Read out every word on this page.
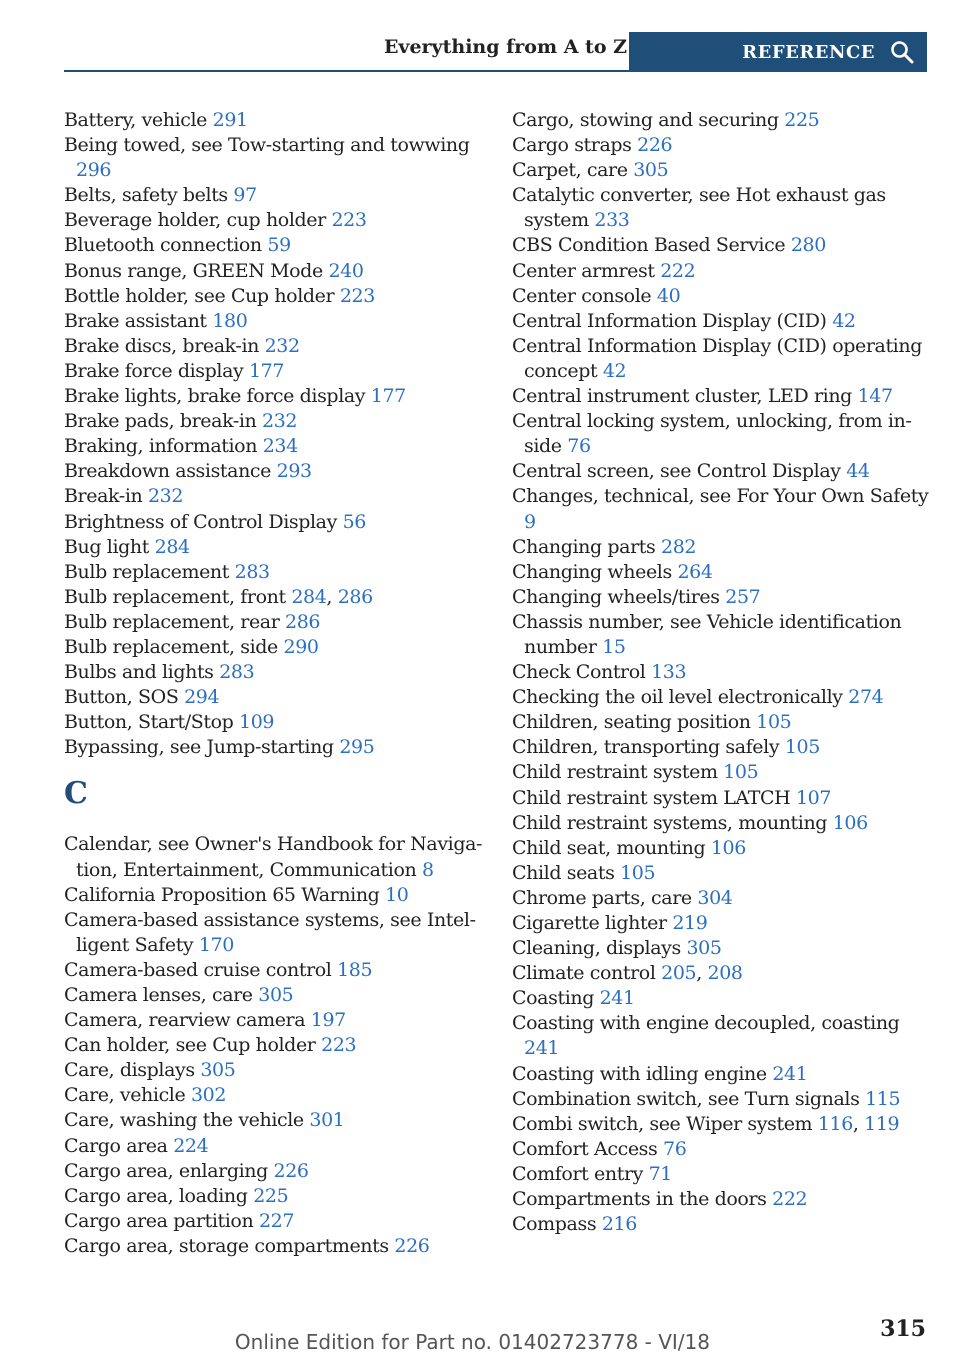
Everything from A to Z	REFERENCE
Battery, vehicle 291
Being towed, see Tow-starting and towwing 296
Belts, safety belts 97
Beverage holder, cup holder 223
Bluetooth connection 59
Bonus range, GREEN Mode 240
Bottle holder, see Cup holder 223
Brake assistant 180
Brake discs, break-in 232
Brake force display 177
Brake lights, brake force display 177
Brake pads, break-in 232
Braking, information 234
Breakdown assistance 293
Break-in 232
Brightness of Control Display 56
Bug light 284
Bulb replacement 283
Bulb replacement, front 284, 286
Bulb replacement, rear 286
Bulb replacement, side 290
Bulbs and lights 283
Button, SOS 294
Button, Start/Stop 109
Bypassing, see Jump-starting 295
C
Calendar, see Owner's Handbook for Navigation, Entertainment, Communication 8
California Proposition 65 Warning 10
Camera-based assistance systems, see Intelligent Safety 170
Camera-based cruise control 185
Camera lenses, care 305
Camera, rearview camera 197
Can holder, see Cup holder 223
Care, displays 305
Care, vehicle 302
Care, washing the vehicle 301
Cargo area 224
Cargo area, enlarging 226
Cargo area, loading 225
Cargo area partition 227
Cargo area, storage compartments 226
Cargo, stowing and securing 225
Cargo straps 226
Carpet, care 305
Catalytic converter, see Hot exhaust gas system 233
CBS Condition Based Service 280
Center armrest 222
Center console 40
Central Information Display (CID) 42
Central Information Display (CID) operating concept 42
Central instrument cluster, LED ring 147
Central locking system, unlocking, from inside 76
Central screen, see Control Display 44
Changes, technical, see For Your Own Safety 9
Changing parts 282
Changing wheels 264
Changing wheels/tires 257
Chassis number, see Vehicle identification number 15
Check Control 133
Checking the oil level electronically 274
Children, seating position 105
Children, transporting safely 105
Child restraint system 105
Child restraint system LATCH 107
Child restraint systems, mounting 106
Child seat, mounting 106
Child seats 105
Chrome parts, care 304
Cigarette lighter 219
Cleaning, displays 305
Climate control 205, 208
Coasting 241
Coasting with engine decoupled, coasting 241
Coasting with idling engine 241
Combination switch, see Turn signals 115
Combi switch, see Wiper system 116, 119
Comfort Access 76
Comfort entry 71
Compartments in the doors 222
Compass 216
Online Edition for Part no. 01402723778 - VI/18	315
